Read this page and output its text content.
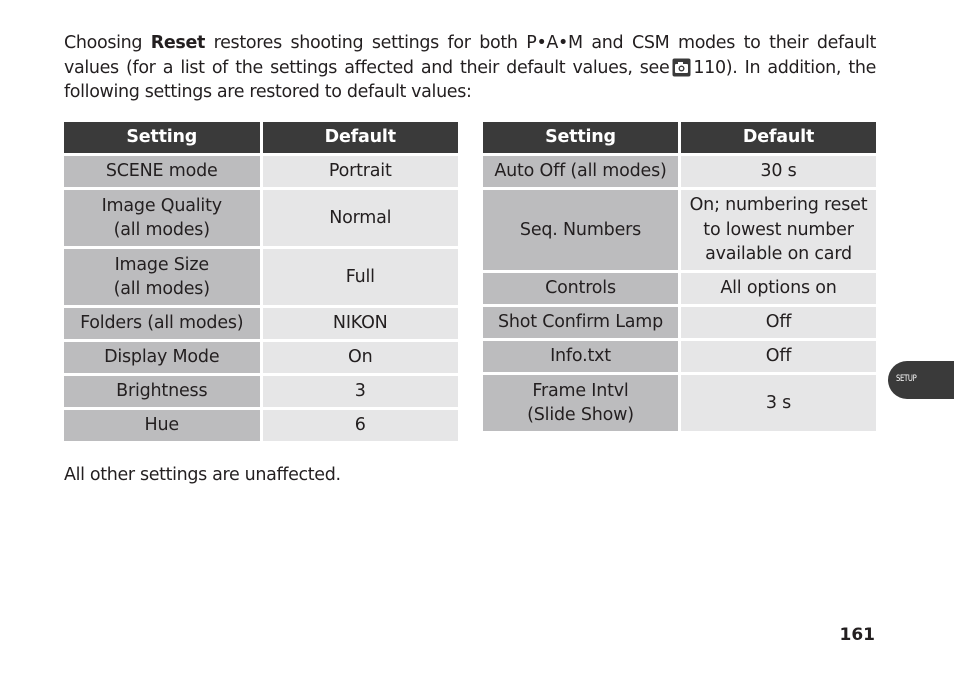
Choosing Reset restores shooting settings for both P•A•M and CSM modes to their default values (for a list of the settings affected and their default values, see 110). In addition, the following settings are restored to default values:
Setting	Default
SCENE mode	Portrait
Image Quality
(all modes)	Normal
Image Size
(all modes)	Full
Folders (all modes)	NIKON
Display Mode	On
Brightness	3
Hue	6
Setting	Default
Auto Off (all modes)	30 s
Seq. Numbers	On; numbering reset
to lowest number
available on card
Controls	All options on
Shot Confirm Lamp	Off
Info.txt	Off
Frame Intvl
(Slide Show)	3 s
All other settings are unaffected.
SETUP
161
